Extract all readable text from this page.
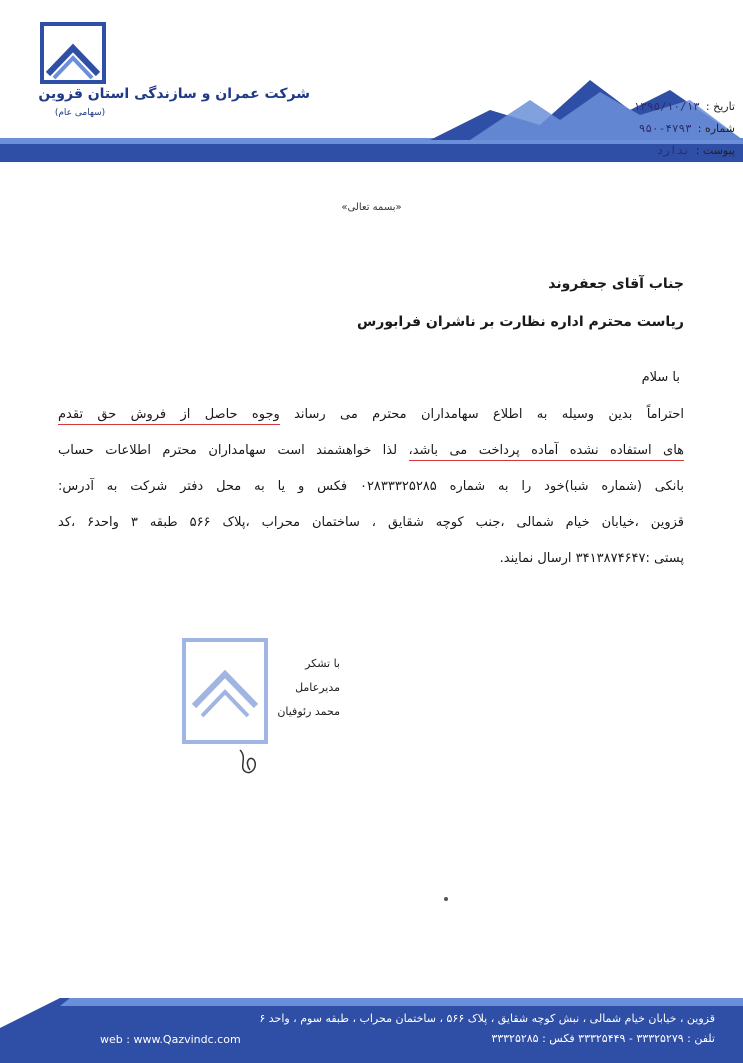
شرکت عمران و سازندگی استان قزوین
(سهامی عام)	تاریخ :
۱۳۹۵/۱۰/۱۳
شماره :
۹۵۰-۴۷۹۳
پیوست :
ندارد
«بسمه تعالی»
جناب آقای جعفروند
ریاست محترم اداره نظارت بر ناشران فرابورس
با سلام
احتراماً بدین وسیله به اطلاع سهامداران محترم می رساند وجوه حاصل از فروش حق تقدم
های استفاده نشده آماده پرداخت می باشد، لذا خواهشمند است سهامداران محترم اطلاعات حساب
بانکی (شماره شبا)خود را به شماره ۰۲۸۳۳۳۲۵۲۸۵ فکس و یا به محل دفتر شرکت به آدرس:
قزوین ،خیابان خیام شمالی ،جنب کوچه شقایق ، ساختمان محراب ،پلاک ۵۶۶ طبقه ۳ واحد۶ ،کد
پستی :۳۴۱۳۸۷۴۶۴۷ ارسال نمایند.
با تشکر
مدیرعامل
محمد رئوفیان
قزوین ، خیابان خیام شمالی ، نبش کوچه شقایق ، پلاک ۵۶۶ ، ساختمان محراب ، طبقه سوم ، واحد ۶
تلفن : ۳۳۳۲۵۲۷۹ - ۳۳۳۲۵۴۴۹ فکس : ۳۳۳۲۵۲۸۵
web : www.Qazvindc.com
